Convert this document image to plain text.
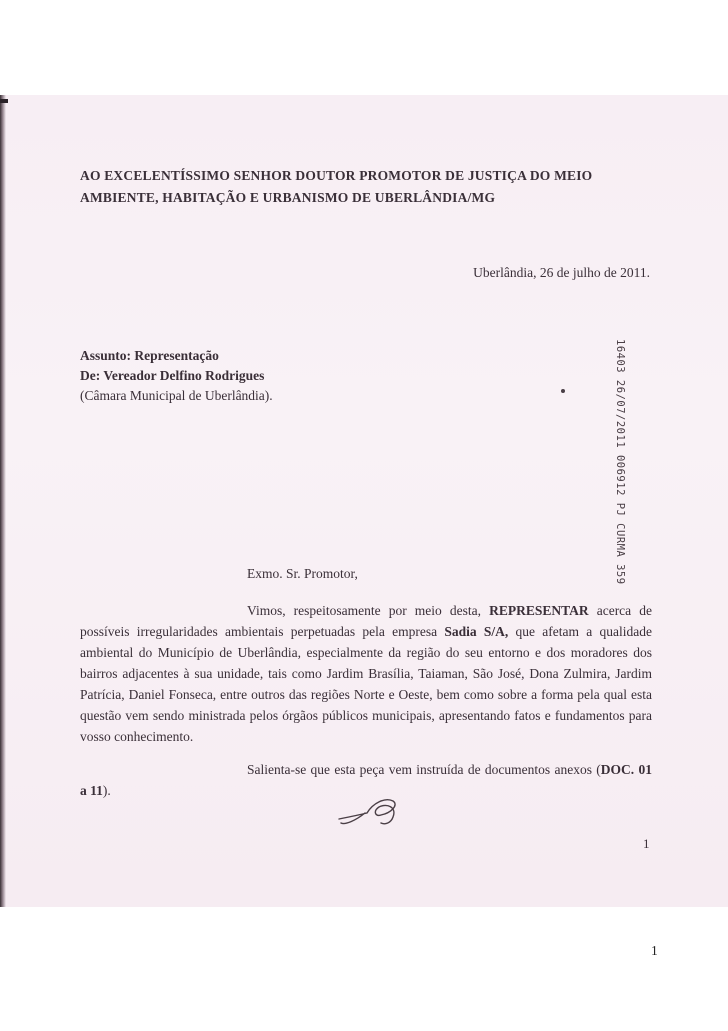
AO EXCELENTÍSSIMO SENHOR DOUTOR PROMOTOR DE JUSTIÇA DO MEIO AMBIENTE, HABITAÇÃO E URBANISMO DE UBERLÂNDIA/MG
Uberlândia, 26 de julho de 2011.
Assunto: Representação
De: Vereador Delfino Rodrigues
(Câmara Municipal de Uberlândia).	16403 26/07/2011 006912 PJ CURMA 359
Exmo. Sr. Promotor,

Vimos, respeitosamente por meio desta, REPRESENTAR acerca de possíveis irregularidades ambientais perpetuadas pela empresa Sadia S/A, que afetam a qualidade ambiental do Município de Uberlândia, especialmente da região do seu entorno e dos moradores dos bairros adjacentes à sua unidade, tais como Jardim Brasília, Taiaman, São José, Dona Zulmira, Jardim Patrícia, Daniel Fonseca, entre outros das regiões Norte e Oeste, bem como sobre a forma pela qual esta questão vem sendo ministrada pelos órgãos públicos municipais, apresentando fatos e fundamentos para vosso conhecimento.

Salienta-se que esta peça vem instruída de documentos anexos (DOC. 01 a 11).

1
1
